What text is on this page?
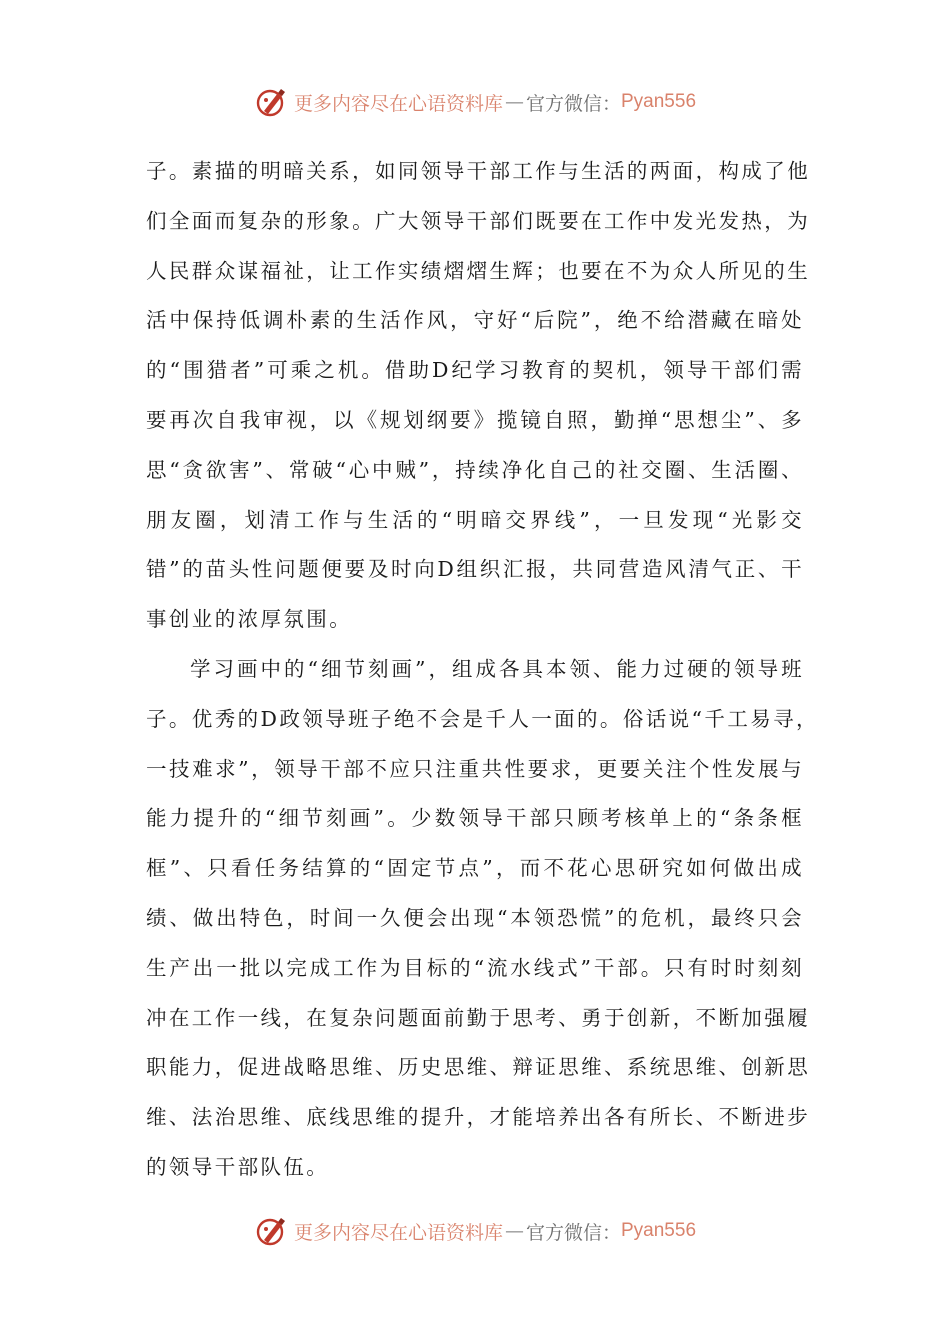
更多内容尽在心语资料库 — 官方微信： Pyan556
子。素描的明暗关系，如同领导干部工作与生活的两面，构成了他
们全面而复杂的形象。广大领导干部们既要在工作中发光发热，为
人民群众谋福祉，让工作实绩熠熠生辉；也要在不为众人所见的生
活中保持低调朴素的生活作风，守好“后院”，绝不给潜藏在暗处
的“围猎者”可乘之机。借助D纪学习教育的契机，领导干部们需
要再次自我审视，以《规划纲要》揽镜自照，勤掸“思想尘”、多
思“贪欲害”、常破“心中贼”，持续净化自己的社交圈、生活圈、
朋友圈，划清工作与生活的“明暗交界线”，一旦发现“光影交
错”的苗头性问题便要及时向D组织汇报，共同营造风清气正、干
事创业的浓厚氛围。
学习画中的“细节刻画”，组成各具本领、能力过硬的领导班
子。优秀的D政领导班子绝不会是千人一面的。俗话说“千工易寻，
一技难求”，领导干部不应只注重共性要求，更要关注个性发展与
能力提升的“细节刻画”。少数领导干部只顾考核单上的“条条框
框”、只看任务结算的“固定节点”，而不花心思研究如何做出成
绩、做出特色，时间一久便会出现“本领恐慌”的危机，最终只会
生产出一批以完成工作为目标的“流水线式”干部。只有时时刻刻
冲在工作一线，在复杂问题面前勤于思考、勇于创新，不断加强履
职能力，促进战略思维、历史思维、辩证思维、系统思维、创新思
维、法治思维、底线思维的提升，才能培养出各有所长、不断进步
的领导干部队伍。
更多内容尽在心语资料库 — 官方微信： Pyan556
